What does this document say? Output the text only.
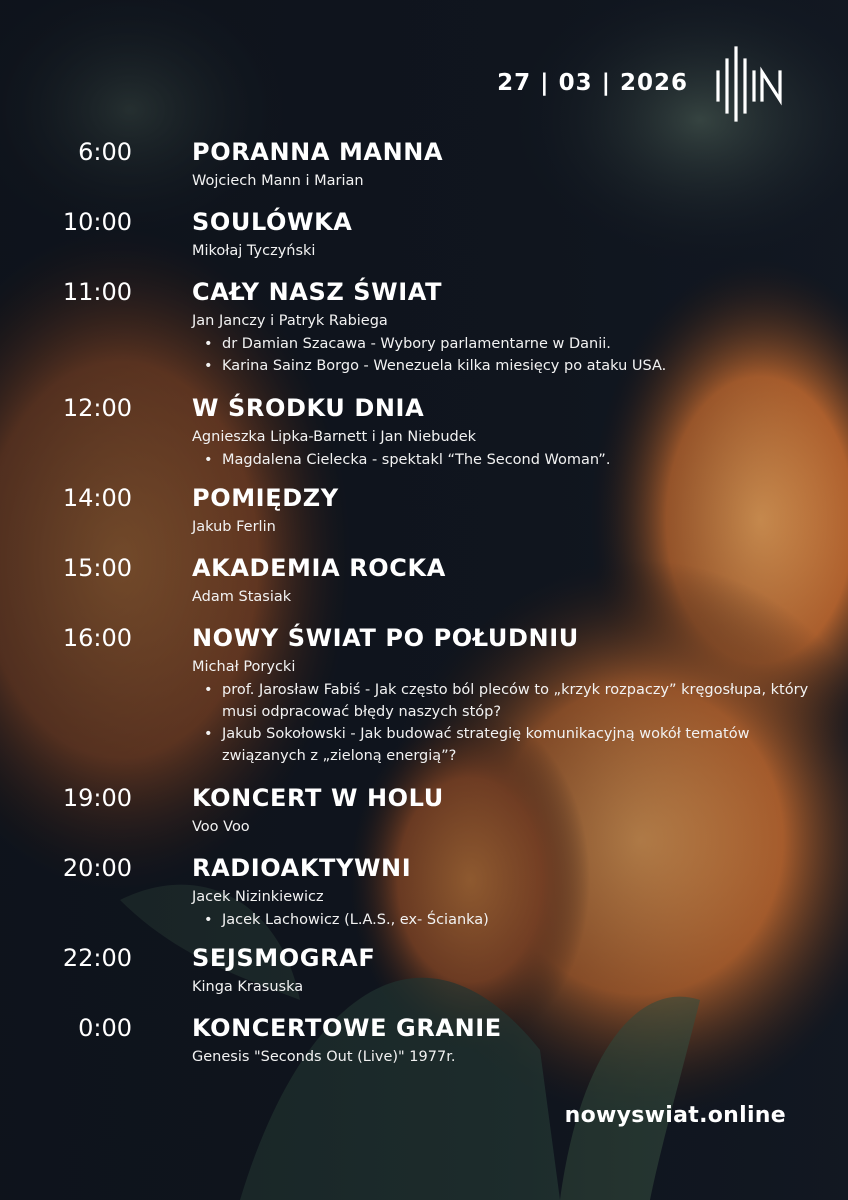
27 | 03 | 2026
6:00	PORANNA MANNA
Wojciech Mann i Marian
10:00	SOULÓWKA
Mikołaj Tyczyński
11:00	CAŁY NASZ ŚWIAT
Jan Janczy i Patryk Rabiega
• dr Damian Szacawa - Wybory parlamentarne w Danii.
• Karina Sainz Borgo - Wenezuela kilka miesięcy po ataku USA.
12:00	W ŚRODKU DNIA
Agnieszka Lipka-Barnett i Jan Niebudek
• Magdalena Cielecka - spektakl “The Second Woman”.
14:00	POMIĘDZY
Jakub Ferlin
15:00	AKADEMIA ROCKA
Adam Stasiak
16:00	NOWY ŚWIAT PO POŁUDNIU
Michał Porycki
• prof. Jarosław Fabiś - Jak często ból pleców to „krzyk rozpaczy” kręgosłupa, który musi odpracować błędy naszych stóp?
• Jakub Sokołowski - Jak budować strategię komunikacyjną wokół tematów związanych z „zieloną energią”?
19:00	KONCERT W HOLU
Voo Voo
20:00	RADIOAKTYWNI
Jacek Nizinkiewicz
• Jacek Lachowicz (L.A.S., ex- Ścianka)
22:00	SEJSMOGRAF
Kinga Krasuska
0:00	KONCERTOWE GRANIE
Genesis "Seconds Out (Live)" 1977r.
nowyswiat.online
